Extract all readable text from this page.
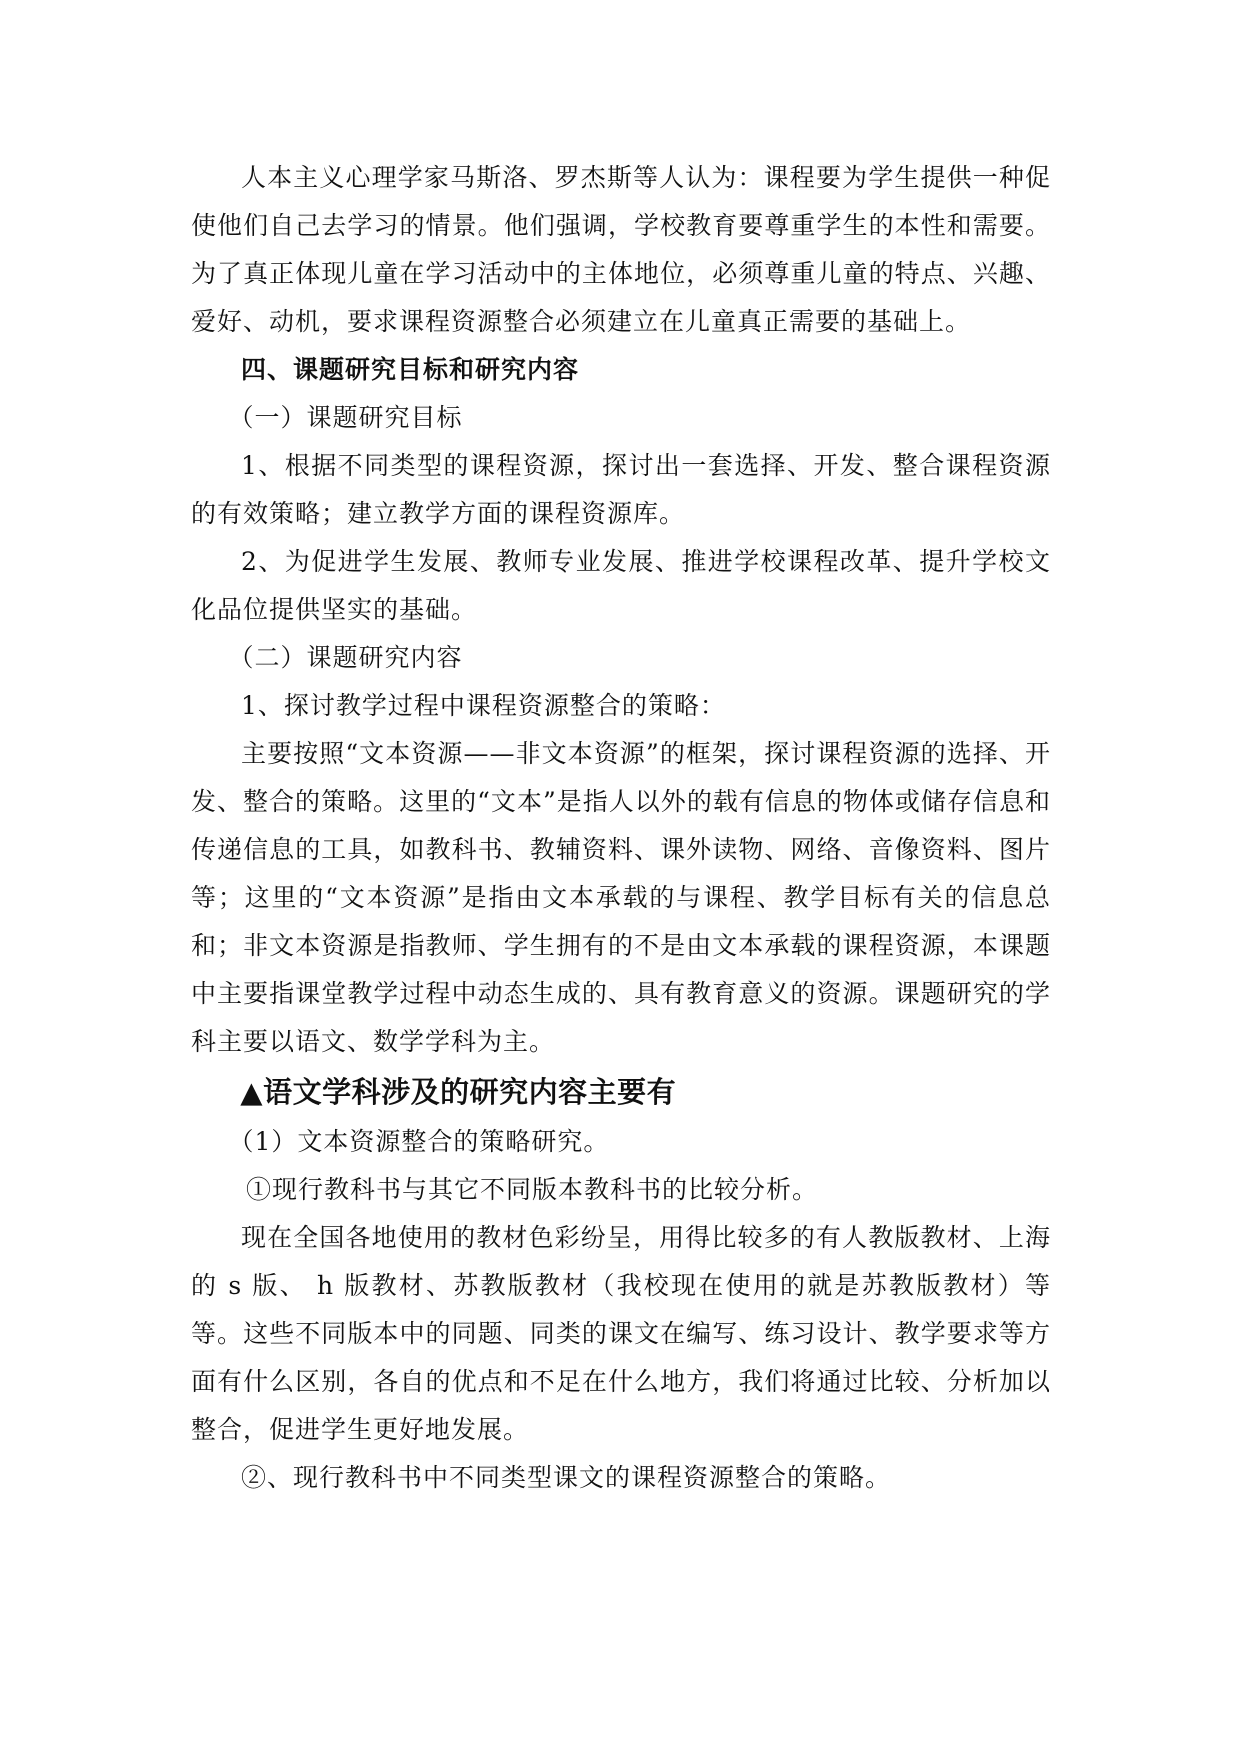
人本主义心理学家马斯洛、罗杰斯等人认为：课程要为学生提供一种促使他们自己去学习的情景。他们强调，学校教育要尊重学生的本性和需要。为了真正体现儿童在学习活动中的主体地位，必须尊重儿童的特点、兴趣、爱好、动机，要求课程资源整合必须建立在儿童真正需要的基础上。

四、课题研究目标和研究内容

（一）课题研究目标

1、根据不同类型的课程资源，探讨出一套选择、开发、整合课程资源的有效策略；建立教学方面的课程资源库。

2、为促进学生发展、教师专业发展、推进学校课程改革、提升学校文化品位提供坚实的基础。

（二）课题研究内容

1、探讨教学过程中课程资源整合的策略：

主要按照“文本资源——非文本资源”的框架，探讨课程资源的选择、开发、整合的策略。这里的“文本”是指人以外的载有信息的物体或储存信息和传递信息的工具，如教科书、教辅资料、课外读物、网络、音像资料、图片等；这里的“文本资源”是指由文本承载的与课程、教学目标有关的信息总和；非文本资源是指教师、学生拥有的不是由文本承载的课程资源，本课题中主要指课堂教学过程中动态生成的、具有教育意义的资源。课题研究的学科主要以语文、数学学科为主。

▲语文学科涉及的研究内容主要有

（1）文本资源整合的策略研究。

①现行教科书与其它不同版本教科书的比较分析。

现在全国各地使用的教材色彩纷呈，用得比较多的有人教版教材、上海的 s 版、 h 版教材、苏教版教材（我校现在使用的就是苏教版教材）等等。这些不同版本中的同题、同类的课文在编写、练习设计、教学要求等方面有什么区别，各自的优点和不足在什么地方，我们将通过比较、分析加以整合，促进学生更好地发展。

②、现行教科书中不同类型课文的课程资源整合的策略。
